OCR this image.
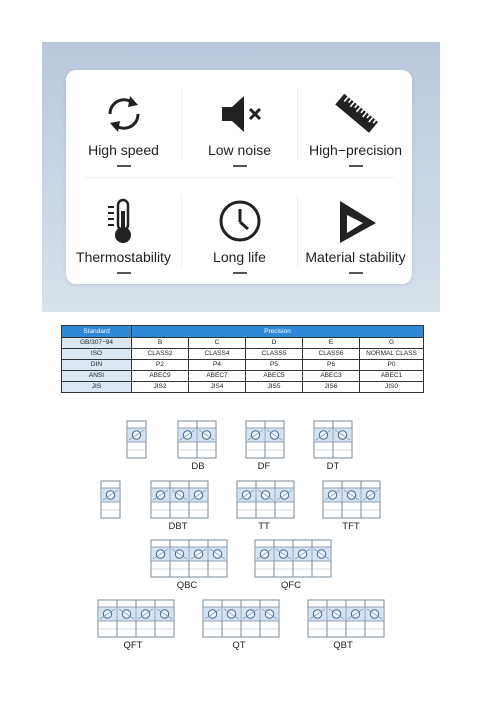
High speed	Low noise	High−precision
Thermostability	Long life	Material stability
Standard	Precision				
GB/307−94	B	C	D	E	G
ISO	CLASS2	CLASS4	CLASS5	CLASS6	NORMAL CLASS
DIN	P2	P4	P5	P6	P0
ANSI	ABEC9	ABEC7	ABEC5	ABEC3	ABEC1
JIS	JIS2	JIS4	JIS5	JIS6	JIS0
DB	DF	DT
DBT	TT	TFT
QBC	QFC
QFT	QT	QBT
